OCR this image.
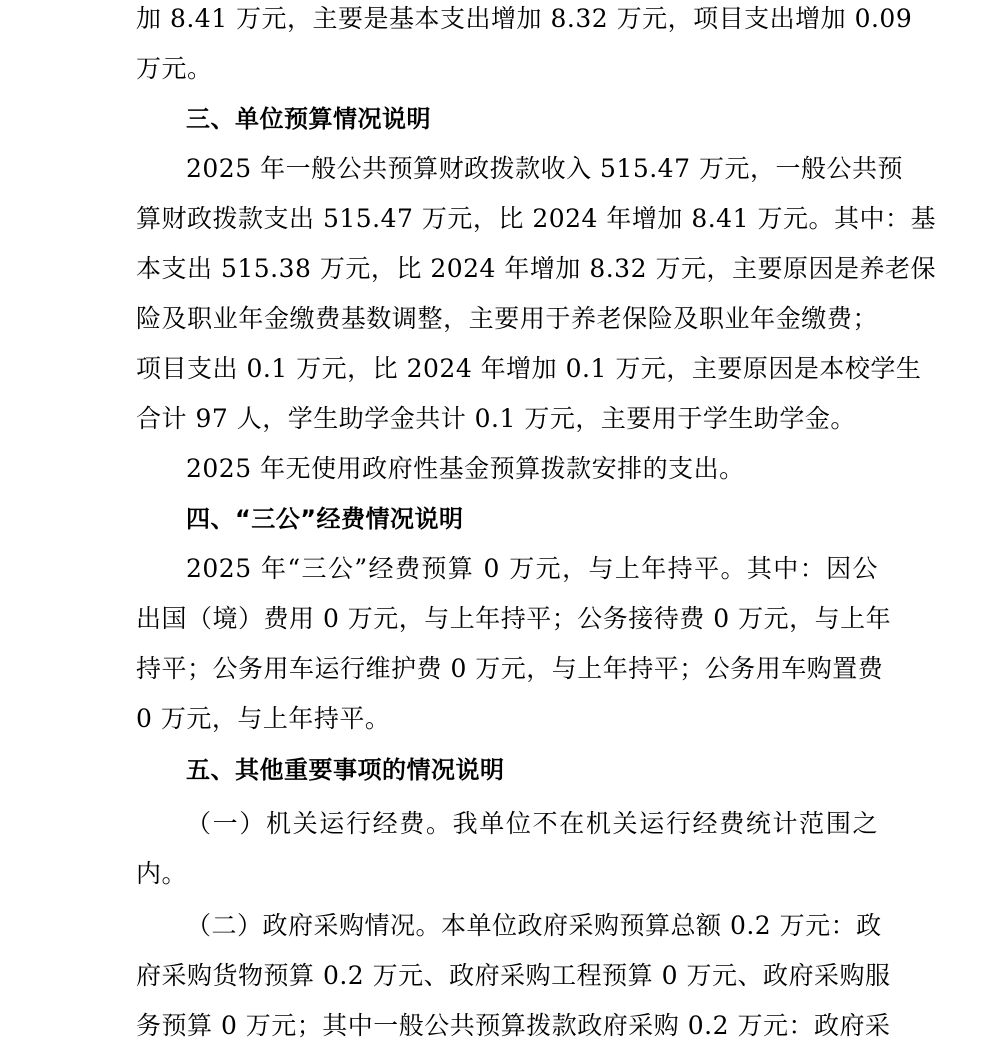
加 8.41 万元，主要是基本支出增加 8.32 万元，项目支出增加 0.09
万元。
三、单位预算情况说明
2025 年一般公共预算财政拨款收入 515.47 万元，一般公共预
算财政拨款支出 515.47 万元，比 2024 年增加 8.41 万元。其中：基
本支出 515.38 万元，比 2024 年增加 8.32 万元，主要原因是养老保
险及职业年金缴费基数调整，主要用于养老保险及职业年金缴费；
项目支出 0.1 万元，比 2024 年增加 0.1 万元，主要原因是本校学生
合计 97 人，学生助学金共计 0.1 万元，主要用于学生助学金。
2025 年无使用政府性基金预算拨款安排的支出。
四、“三公”经费情况说明
2025 年“三公”经费预算 0 万元，与上年持平。其中：因公
出国（境）费用 0 万元，与上年持平；公务接待费 0 万元，与上年
持平；公务用车运行维护费 0 万元，与上年持平；公务用车购置费
0 万元，与上年持平。
五、其他重要事项的情况说明
（一）机关运行经费。我单位不在机关运行经费统计范围之
内。
（二）政府采购情况。本单位政府采购预算总额 0.2 万元：政
府采购货物预算 0.2 万元、政府采购工程预算 0 万元、政府采购服
务预算 0 万元；其中一般公共预算拨款政府采购 0.2 万元：政府采
